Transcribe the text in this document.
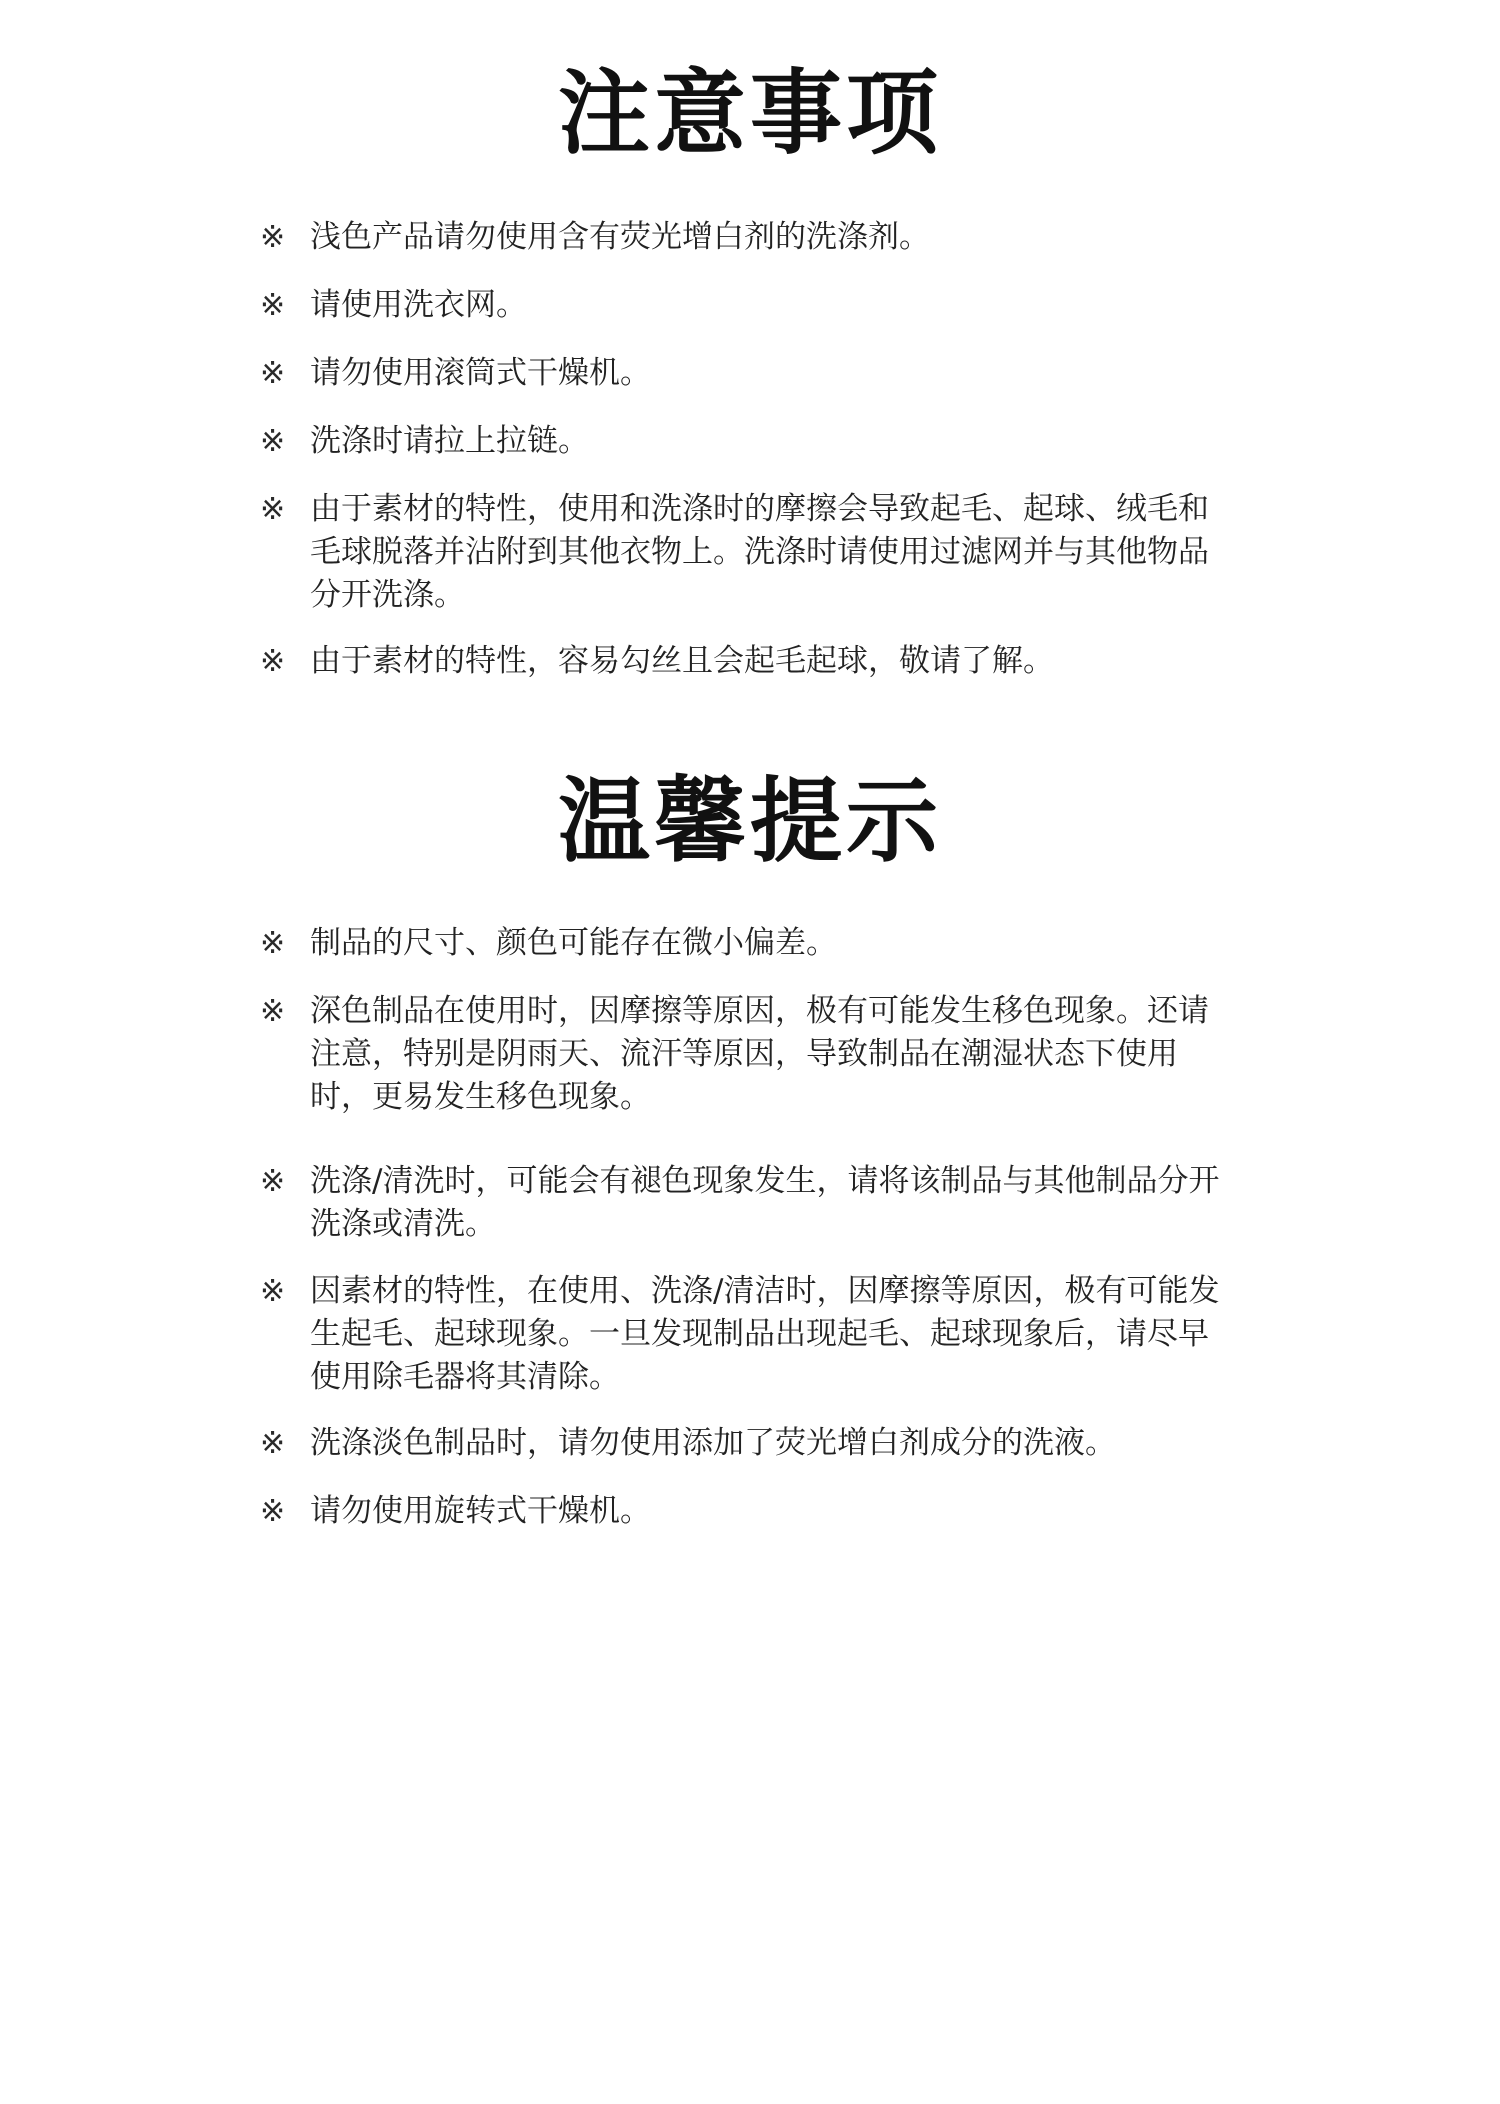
注意事项
※ 浅色产品请勿使用含有荧光增白剂的洗涤剂。

※ 请使用洗衣网。

※ 请勿使用滚筒式干燥机。

※ 洗涤时请拉上拉链。

※ 由于素材的特性，使用和洗涤时的摩擦会导致起毛、起球、绒毛和毛球脱落并沾附到其他衣物上。洗涤时请使用过滤网并与其他物品分开洗涤。

※ 由于素材的特性，容易勾丝且会起毛起球，敬请了解。

温馨提示
※ 制品的尺寸、颜色可能存在微小偏差。

※ 深色制品在使用时，因摩擦等原因，极有可能发生移色现象。还请注意，特别是阴雨天、流汗等原因，导致制品在潮湿状态下使用时，更易发生移色现象。

※ 洗涤/清洗时，可能会有褪色现象发生，请将该制品与其他制品分开洗涤或清洗。

※ 因素材的特性，在使用、洗涤/清洁时，因摩擦等原因，极有可能发生起毛、起球现象。一旦发现制品出现起毛、起球现象后，请尽早使用除毛器将其清除。

※ 洗涤淡色制品时，请勿使用添加了荧光增白剂成分的洗液。

※ 请勿使用旋转式干燥机。
